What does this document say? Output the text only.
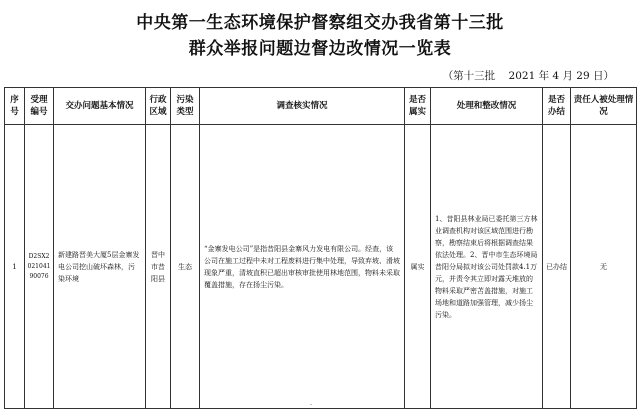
中央第一生态环境保护督察组交办我省第十三批
群众举报问题边督边改情况一览表
（第十三批    2021 年 4 月 29 日）
序号	受理编号	交办问题基本情况	行政区域	污染类型	调查核实情况	是否属实	处理和整改情况	是否办结	责任人被处理情况
1	D2SX202104190076	新建路晋美大厦5层金寨发电公司挖山破坏森林，污染环境	晋中市昔阳县	生态	“金寨发电公司”是指昔阳县金寨风力发电有限公司。经查，该公司在施工过程中未对工程废料进行集中处理，导致弃坡、滑坡现象严重，清坡直积已超出审核审批使用林地范围，物料未采取覆盖措施，存在扬尘污染。	属实	1、昔阳县林业局已委托第三方林业调查机构对该区域范围进行勘察，勘察结束后将根据调查结果依法处理。2、晋中市生态环境局昔阳分局拟对该公司处罚款4.1万元，并责令其立即对露天堆放的物料采取严密苫盖措施，对施工场地和道路加强管理，减少扬尘污染。	已办结	无
-
